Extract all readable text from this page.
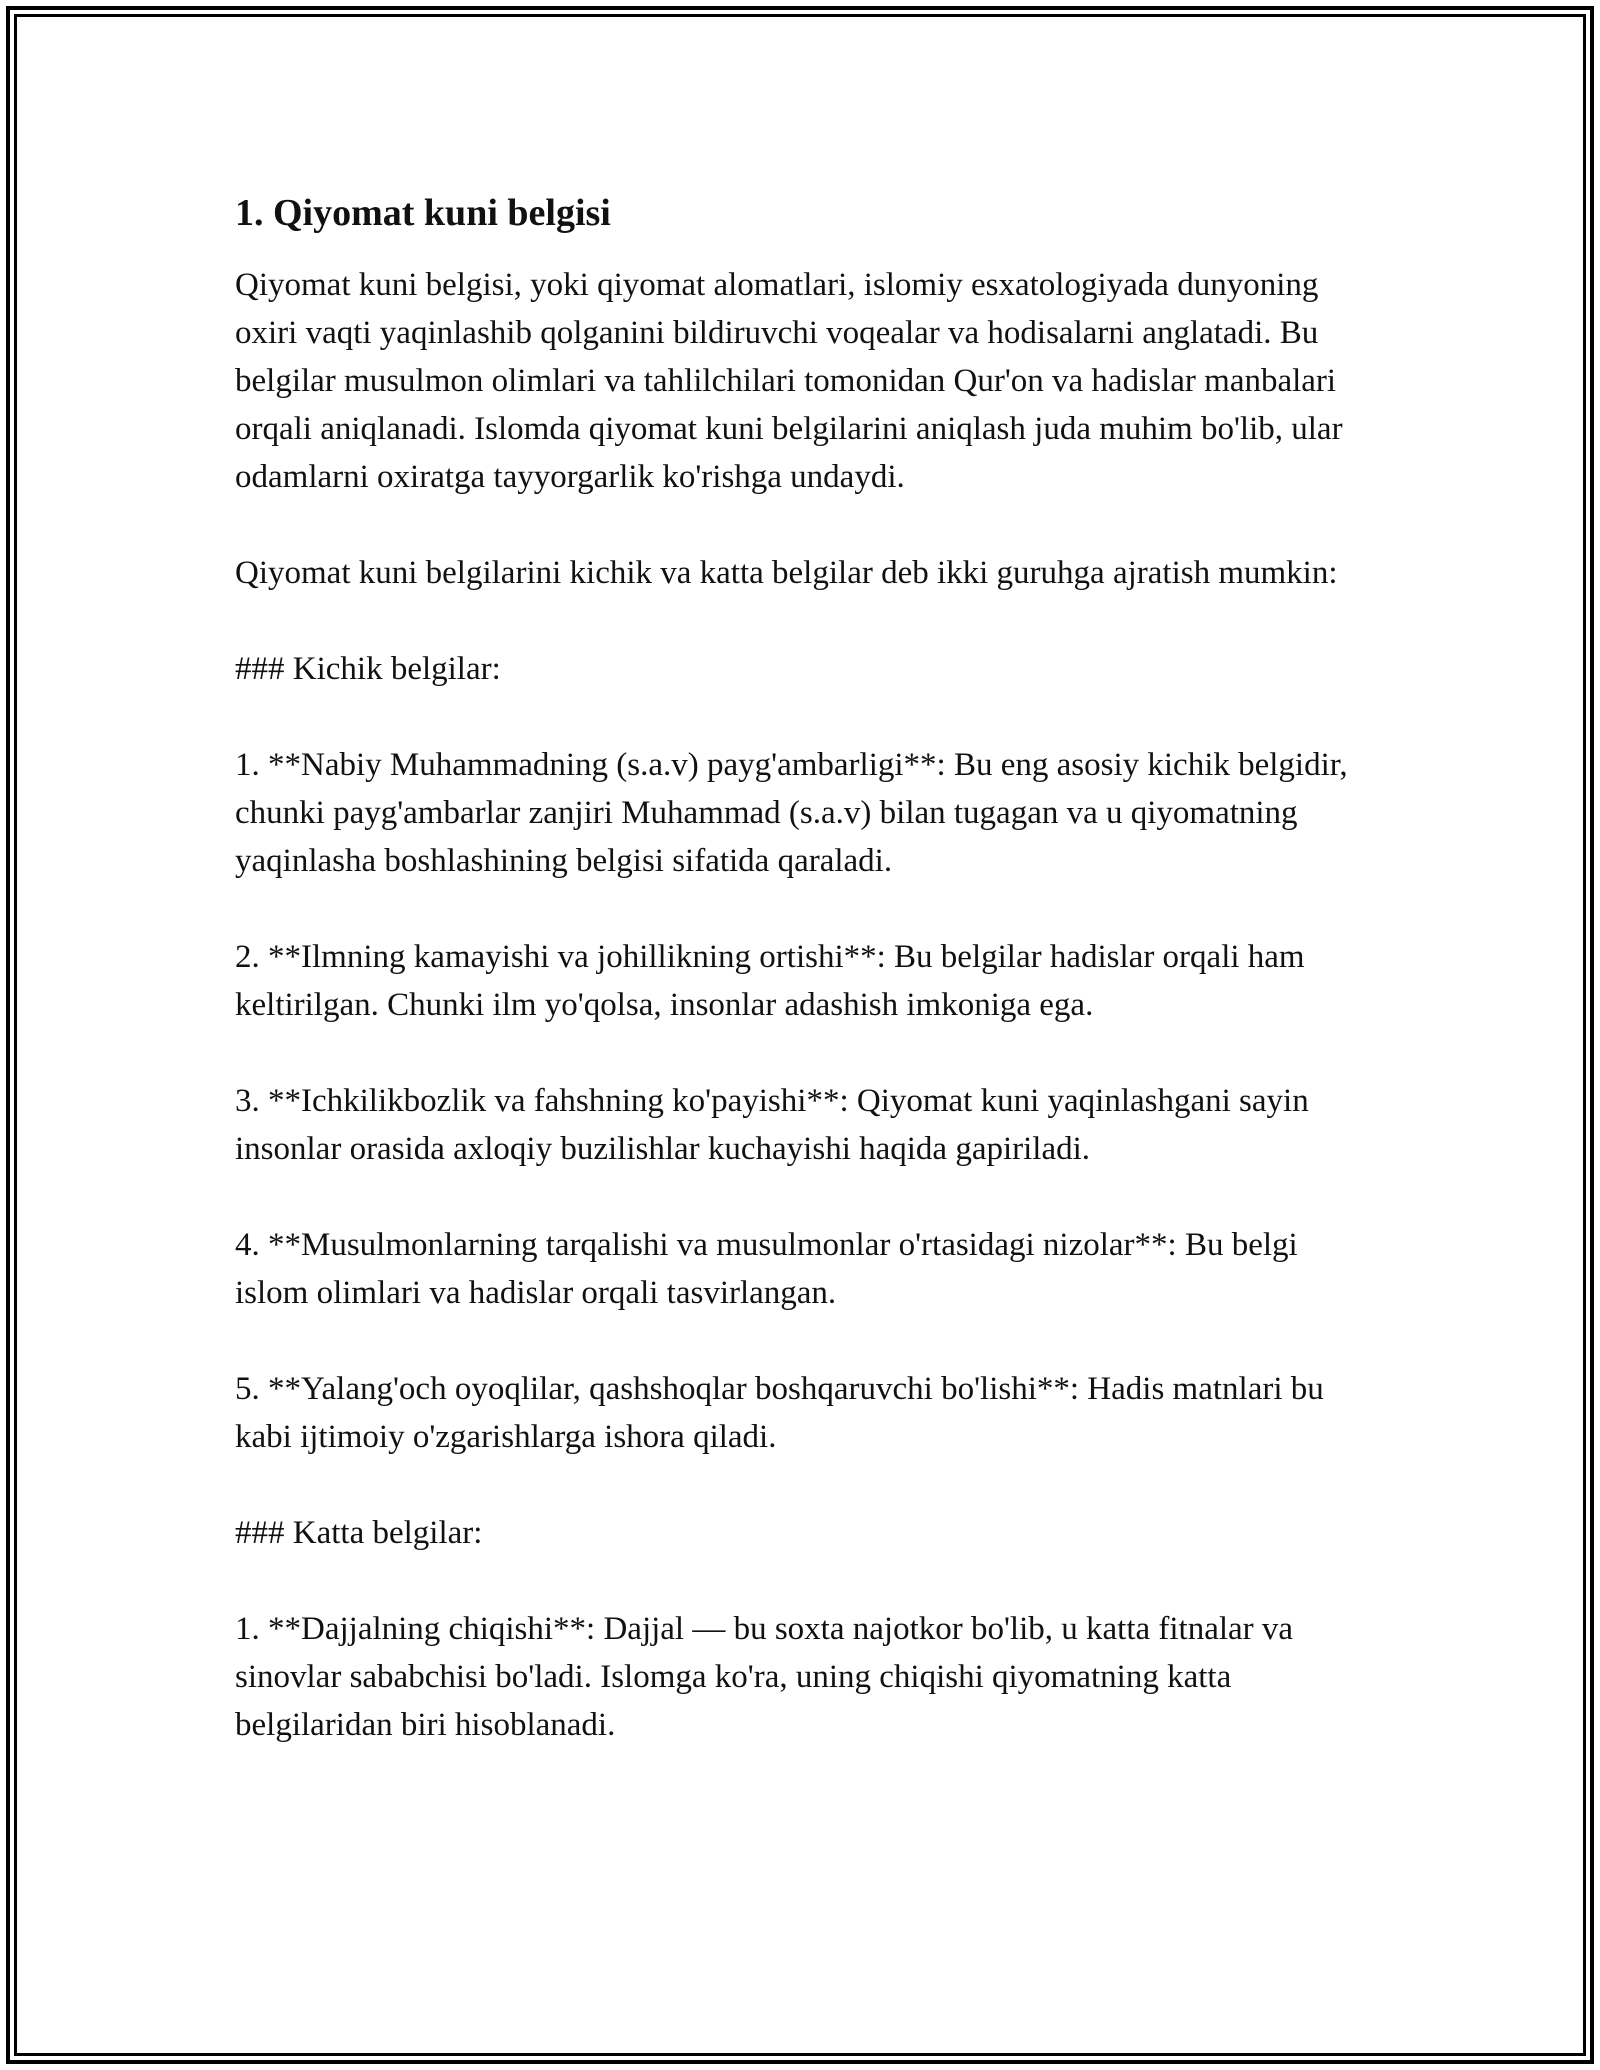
1. Qiyomat kuni belgisi

Qiyomat kuni belgisi, yoki qiyomat alomatlari, islomiy esxatologiyada dunyoning oxiri vaqti yaqinlashib qolganini bildiruvchi voqealar va hodisalarni anglatadi. Bu belgilar musulmon olimlari va tahlilchilari tomonidan Qur'on va hadislar manbalari orqali aniqlanadi. Islomda qiyomat kuni belgilarini aniqlash juda muhim bo'lib, ular odamlarni oxiratga tayyorgarlik ko'rishga undaydi.

Qiyomat kuni belgilarini kichik va katta belgilar deb ikki guruhga ajratish mumkin:

### Kichik belgilar:

1. **Nabiy Muhammadning (s.a.v) payg'ambarligi**: Bu eng asosiy kichik belgidir, chunki payg'ambarlar zanjiri Muhammad (s.a.v) bilan tugagan va u qiyomatning yaqinlasha boshlashining belgisi sifatida qaraladi.

2. **Ilmning kamayishi va johillikning ortishi**: Bu belgilar hadislar orqali ham keltirilgan. Chunki ilm yo'qolsa, insonlar adashish imkoniga ega.

3. **Ichkilikbozlik va fahshning ko'payishi**: Qiyomat kuni yaqinlashgani sayin insonlar orasida axloqiy buzilishlar kuchayishi haqida gapiriladi.

4. **Musulmonlarning tarqalishi va musulmonlar o'rtasidagi nizolar**: Bu belgi islom olimlari va hadislar orqali tasvirlangan.

5. **Yalang'och oyoqlilar, qashshoqlar boshqaruvchi bo'lishi**: Hadis matnlari bu kabi ijtimoiy o'zgarishlarga ishora qiladi.

### Katta belgilar:

1. **Dajjalning chiqishi**: Dajjal — bu soxta najotkor bo'lib, u katta fitnalar va sinovlar sababchisi bo'ladi. Islomga ko'ra, uning chiqishi qiyomatning katta belgilaridan biri hisoblanadi.
